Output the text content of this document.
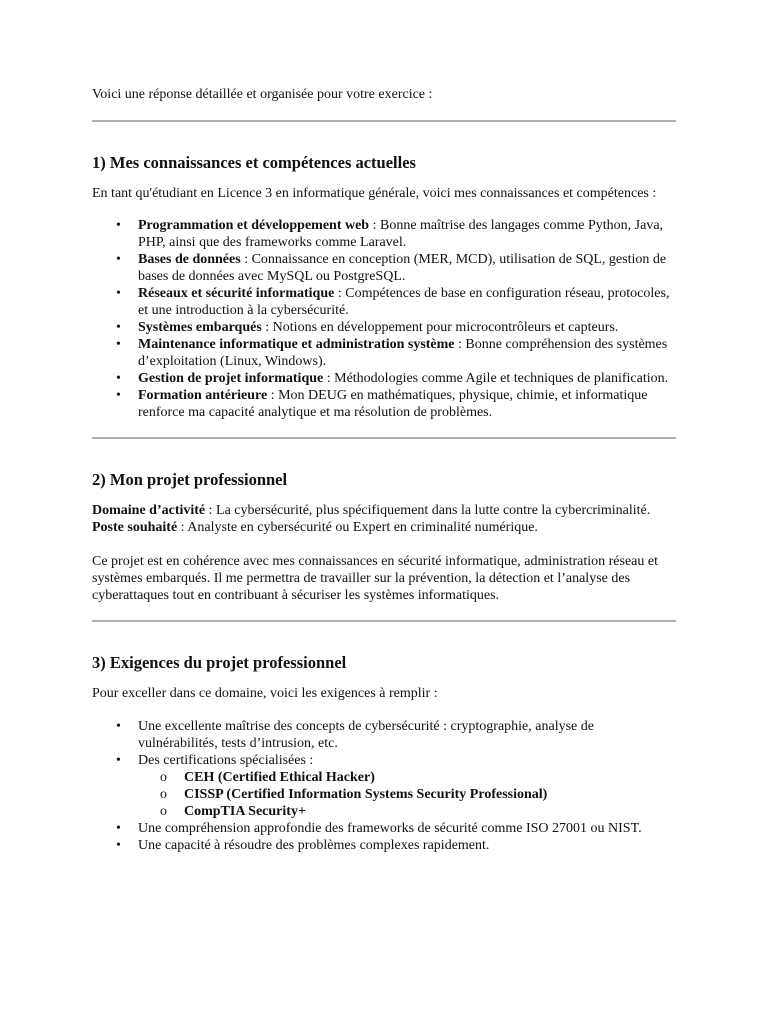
Voici une réponse détaillée et organisée pour votre exercice :

1) Mes connaissances et compétences actuelles

En tant qu'étudiant en Licence 3 en informatique générale, voici mes connaissances et compétences :

• Programmation et développement web : Bonne maîtrise des langages comme Python, Java, PHP, ainsi que des frameworks comme Laravel.
• Bases de données : Connaissance en conception (MER, MCD), utilisation de SQL, gestion de bases de données avec MySQL ou PostgreSQL.
• Réseaux et sécurité informatique : Compétences de base en configuration réseau, protocoles, et une introduction à la cybersécurité.
• Systèmes embarqués : Notions en développement pour microcontrôleurs et capteurs.
• Maintenance informatique et administration système : Bonne compréhension des systèmes d’exploitation (Linux, Windows).
• Gestion de projet informatique : Méthodologies comme Agile et techniques de planification.
• Formation antérieure : Mon DEUG en mathématiques, physique, chimie, et informatique renforce ma capacité analytique et ma résolution de problèmes.
2) Mon projet professionnel

Domaine d’activité : La cybersécurité, plus spécifiquement dans la lutte contre la cybercriminalité.

Poste souhaité : Analyste en cybersécurité ou Expert en criminalité numérique.

Ce projet est en cohérence avec mes connaissances en sécurité informatique, administration réseau et systèmes embarqués. Il me permettra de travailler sur la prévention, la détection et l’analyse des cyberattaques tout en contribuant à sécuriser les systèmes informatiques.

3) Exigences du projet professionnel

Pour exceller dans ce domaine, voici les exigences à remplir :

• Une excellente maîtrise des concepts de cybersécurité : cryptographie, analyse de vulnérabilités, tests d’intrusion, etc.
• Des certifications spécialisées :
o CEH (Certified Ethical Hacker)
o CISSP (Certified Information Systems Security Professional)
o CompTIA Security+
• Une compréhension approfondie des frameworks de sécurité comme ISO 27001 ou NIST.
• Une capacité à résoudre des problèmes complexes rapidement.
